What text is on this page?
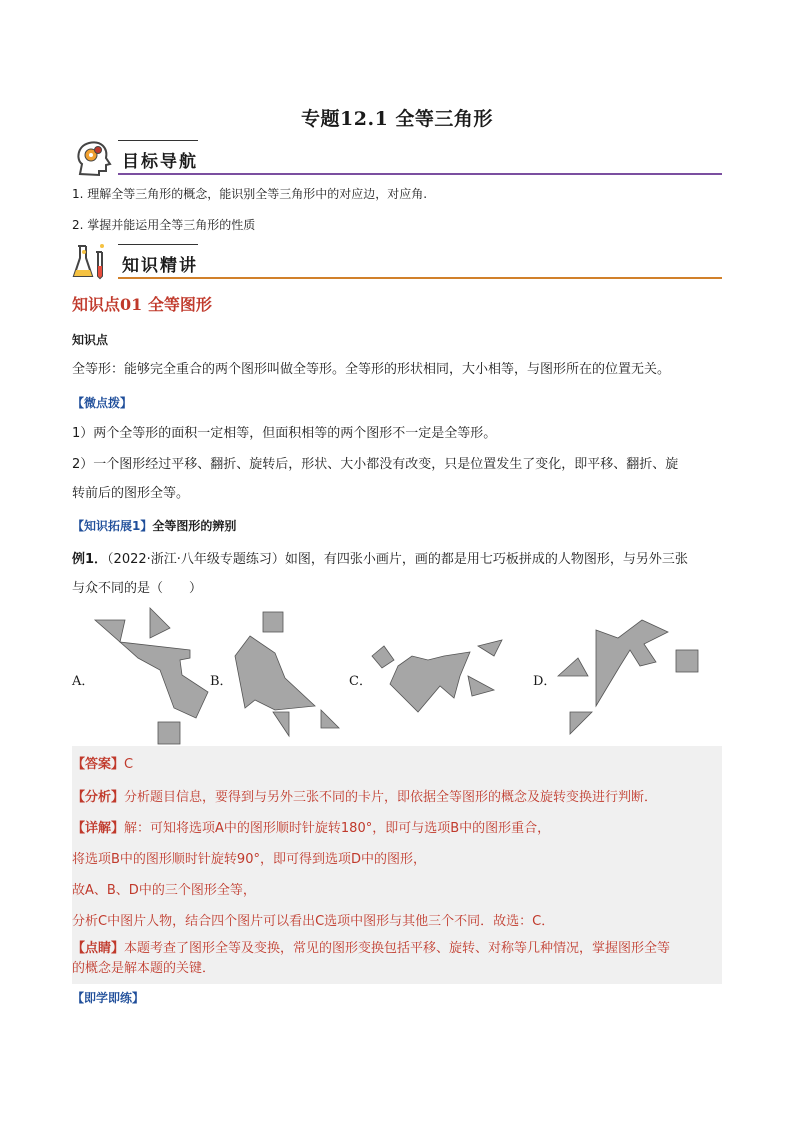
专题12.1 全等三角形
目标导航
1. 理解全等三角形的概念，能识别全等三角形中的对应边，对应角.
2. 掌握并能运用全等三角形的性质
知识精讲
知识点01 全等图形
知识点
全等形：能够完全重合的两个图形叫做全等形。全等形的形状相同，大小相等，与图形所在的位置无关。
【微点拨】
1）两个全等形的面积一定相等，但面积相等的两个图形不一定是全等形。
2）一个图形经过平移、翻折、旋转后，形状、大小都没有改变，只是位置发生了变化，即平移、翻折、旋
转前后的图形全等。
【知识拓展1】全等图形的辨别
例1．（2022·浙江·八年级专题练习）如图，有四张小画片，画的都是用七巧板拼成的人物图形，与另外三张
与众不同的是（　　）
A．	B．	C．	D．
【答案】C
【分析】分析题目信息，要得到与另外三张不同的卡片，即依据全等图形的概念及旋转变换进行判断．
【详解】解：可知将选项A中的图形顺时针旋转180°，即可与选项B中的图形重合，
将选项B中的图形顺时针旋转90°，即可得到选项D中的图形，
故A、B、D中的三个图形全等，
分析C中图片人物，结合四个图片可以看出C选项中图形与其他三个不同．故选：C．
【点睛】本题考查了图形全等及变换，常见的图形变换包括平移、旋转、对称等几种情况，掌握图形全等
的概念是解本题的关键．
【即学即练】
